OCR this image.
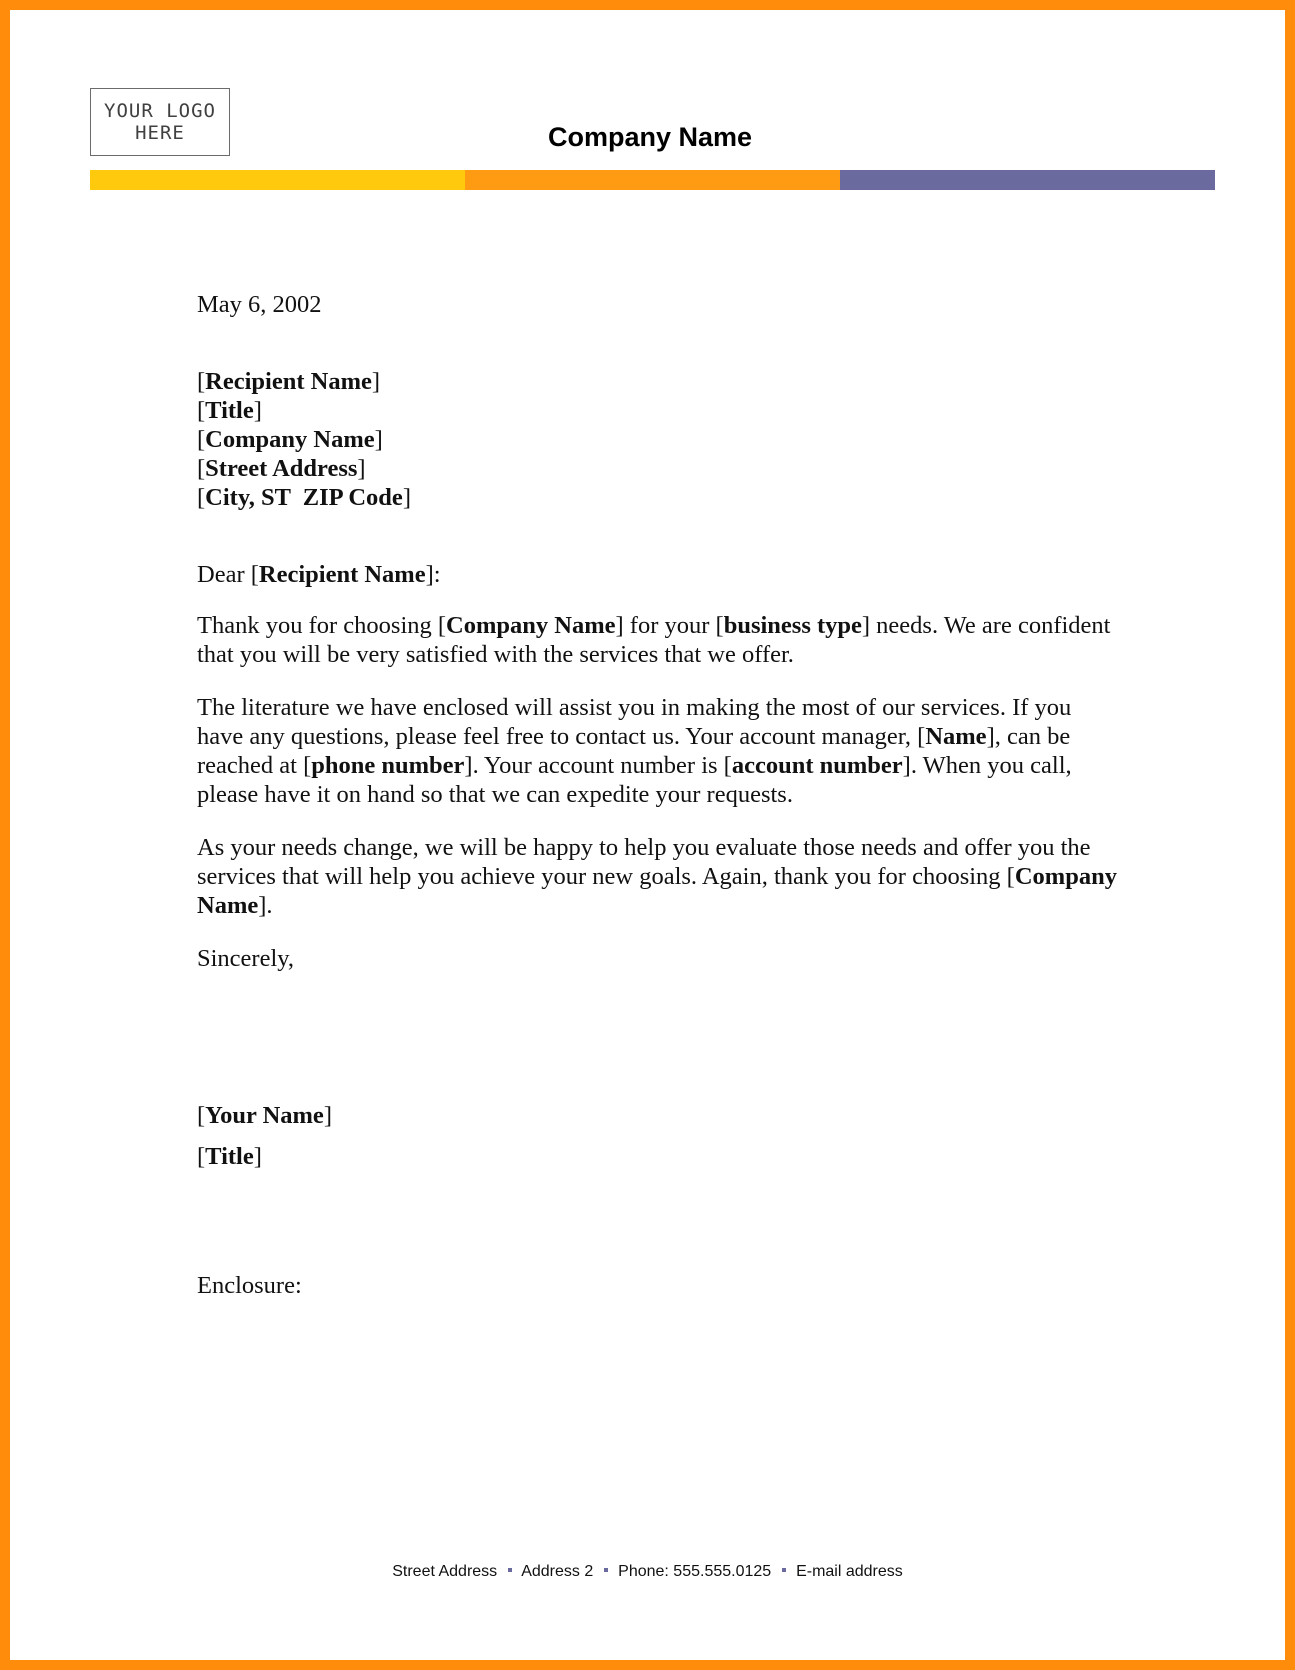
YOUR LOGO
HERE	Company Name

May 6, 2002

[Recipient Name]

[Title]

[Company Name]

[Street Address]

[City, ST  ZIP Code]

Dear [Recipient Name]:

Thank you for choosing [Company Name] for your [business type] needs. We are confident that you will be very satisfied with the services that we offer.

The literature we have enclosed will assist you in making the most of our services. If you have any questions, please feel free to contact us. Your account manager, [Name], can be reached at [phone number]. Your account number is [account number]. When you call, please have it on hand so that we can expedite your requests.

As your needs change, we will be happy to help you evaluate those needs and offer you the services that will help you achieve your new goals. Again, thank you for choosing [Company Name].

Sincerely,

[Your Name]

[Title]

Enclosure:

Street Address Address 2 Phone: 555.555.0125 E-mail address
